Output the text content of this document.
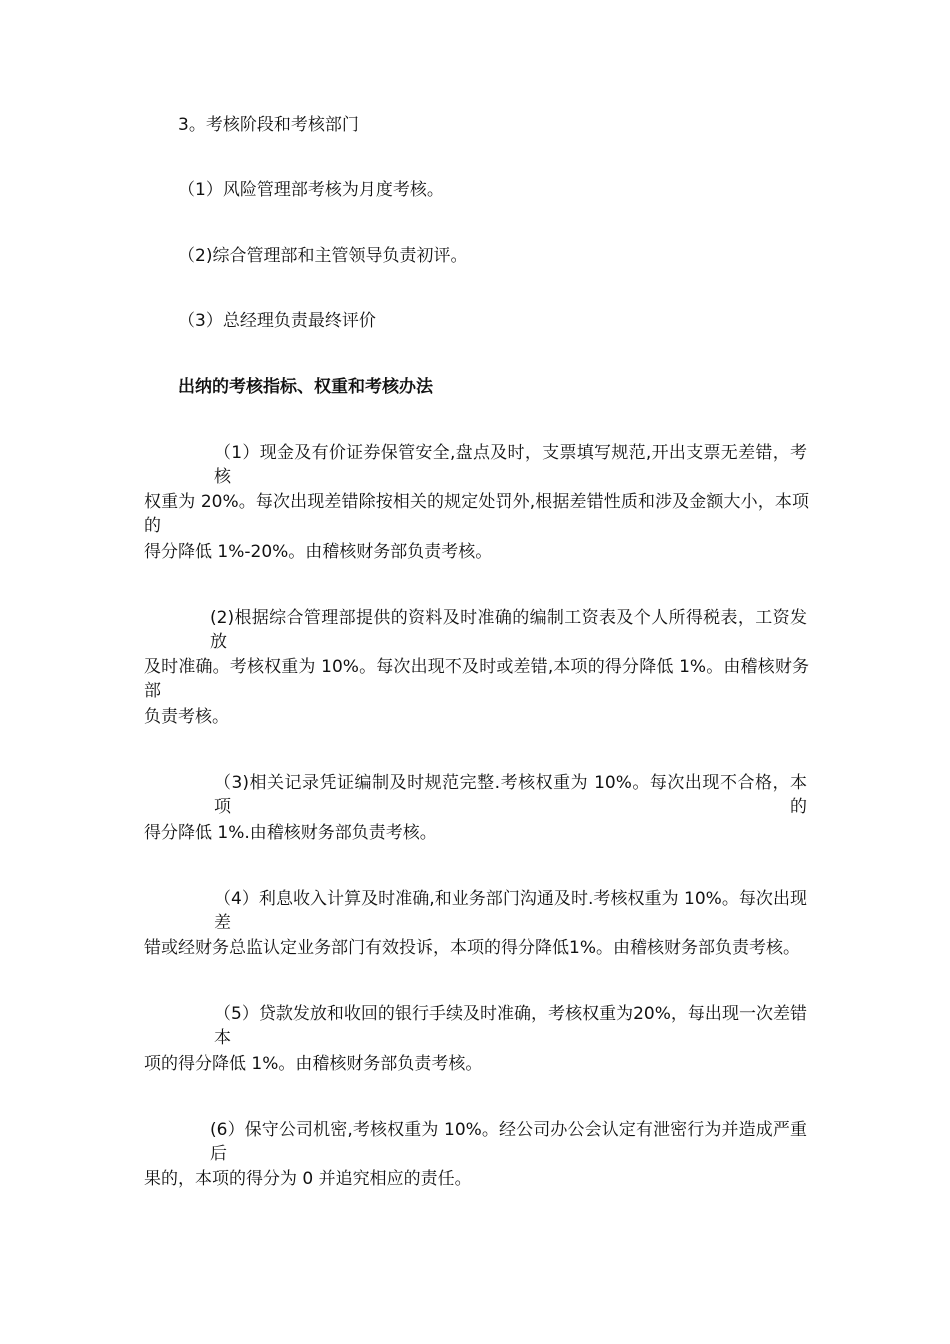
3。考核阶段和考核部门
（1）风险管理部考核为月度考核。
（2)综合管理部和主管领导负责初评。
（3）总经理负责最终评价
出纳的考核指标、权重和考核办法
（1）现金及有价证券保管安全,盘点及时，支票填写规范,开出支票无差错，考核
权重为 20%。每次出现差错除按相关的规定处罚外,根据差错性质和涉及金额大小，本项的
得分降低 1%-20%。由稽核财务部负责考核。
(2)根据综合管理部提供的资料及时准确的编制工资表及个人所得税表，工资发放
及时准确。考核权重为 10%。每次出现不及时或差错,本项的得分降低 1%。由稽核财务部
负责考核。
（3)相关记录凭证编制及时规范完整.考核权重为 10%。每次出现不合格，本项的
得分降低 1%.由稽核财务部负责考核。
（4）利息收入计算及时准确,和业务部门沟通及时.考核权重为 10%。每次出现差
错或经财务总监认定业务部门有效投诉，本项的得分降低1%。由稽核财务部负责考核。
（5）贷款发放和收回的银行手续及时准确，考核权重为20%，每出现一次差错本
项的得分降低 1%。由稽核财务部负责考核。
(6）保守公司机密,考核权重为 10%。经公司办公会认定有泄密行为并造成严重后
果的，本项的得分为 0 并追究相应的责任。
